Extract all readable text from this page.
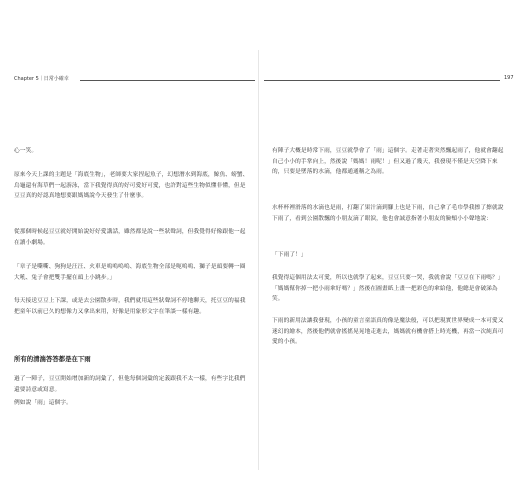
Chapter 5｜日常小確幸	197

心一笑。

原來今天上課的主題是「海底生物」，老師要大家捏起魚子，幻想潛水到海底，鯨魚、螃蟹、烏龜還有海草們一起游泳，當下我覺得真的好可愛好可愛，也許對這些生物似懂非懂，但是豆豆真的好認真地想要跟媽媽說今天發生了什麼事。

從那個時候起豆豆就好開始說好好愛講話，雖然都是說一些狀聲詞，但我覺得好像跟他一起在讀小劇場。

「章子是嘶嘶、狗狗是汪汪、火車是嗚嗚嗚嗚、海底生物全部是呃嗚嗚、獅子是頭要轉一圈大吼、兔子會把雙手擺在頭上小跳步。」

每天接送豆豆上下課，或是去公園散步時，我們就用這些狀聲詞不停地聊天，托豆豆的福我把童年以前已久的想像力又拿出來用，好像是用象形文字在筆談一樣有趣。

所有的清湍答答都是在下雨

過了一陣子，豆豆開始增加新的詞彙了，但他每個詞彙的定義跟我不太一樣，有些字比我們還要詩意或寫意。

例如說「雨」這個字。

有陣子大概是時常下雨，豆豆就學會了「雨」這個字。走著走著突然飄起雨了，他就會翻起自己小小的手掌向上，然後說「媽媽！雨呢！」但又過了幾天，我發現不僅是天空降下來的，只要是墜落的水滴，他都通通稱之為雨。

水杯杯裡滑落的水滴也是雨，打翻了果汁滴到腳上也是下雨，自己拿了毛巾學我擦了擦就說下雨了，看到公園散飄的小朋友滴了眼淚，他也會誠意指著小朋友的臉頰小小聲地說：

「下雨了！」

我覺得這個用法太可愛，所以也就學了起來，豆豆只要一哭，我就會說「豆豆在下雨嗎？」「媽媽幫你掉一把小雨傘好嗎？」然後在圖畫紙上畫一把彩色的傘給他，他總是會破涕為笑。

下雨的新用法讓我發現，小孩的童言童語真的像是魔法般，可以把現實世界變成一本可愛又迷幻的繪本，然後他們就會搖搖晃晃地走進去，媽媽就有機會搭上時光機，再當一次純真可愛的小孩。
